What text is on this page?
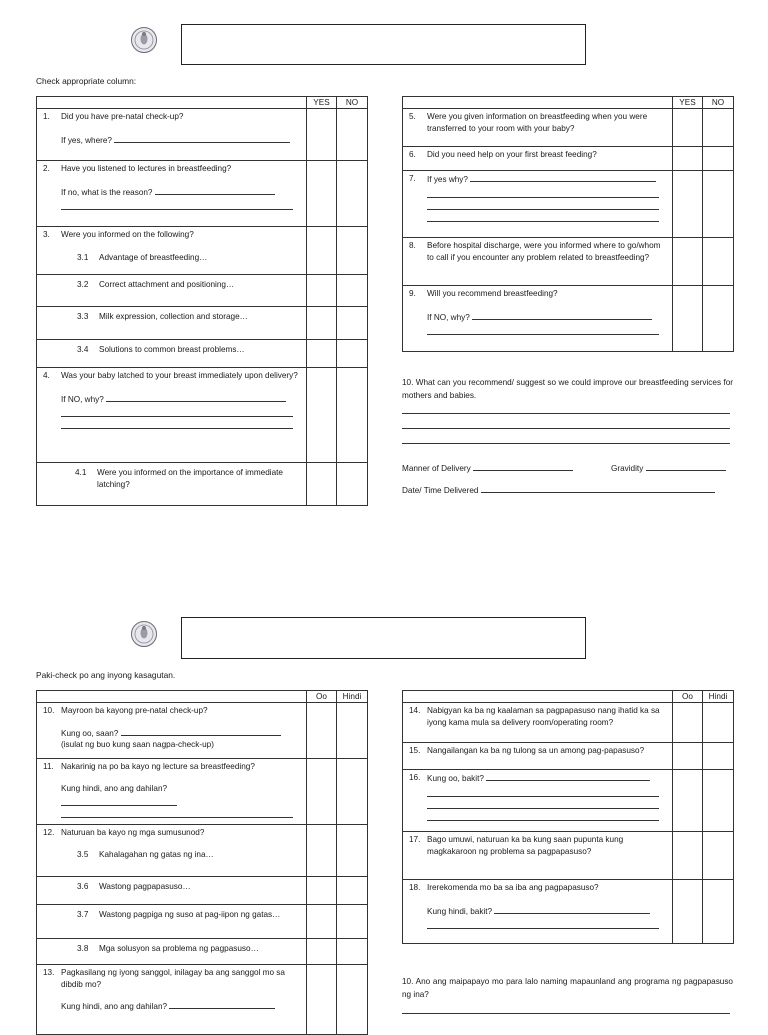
Check appropriate column:
	YES	NO

1. Did you have pre-natal check-up?
If yes, where?		

2. Have you listened to lectures in breastfeeding?
If no, what is the reason?		

3. Were you informed on the following?
3.1 Advantage of breastfeeding…		

3.2 Correct attachment and positioning…		

3.3 Milk expression, collection and storage…		

3.4 Solutions to common breast problems…		

4. Was your baby latched to your breast immediately upon delivery?
If NO, why?		

4.1 Were you informed on the importance of immediate latching?		

	YES	NO

5. Were you given information on breastfeeding when you were transferred to your room with your baby?		

6. Did you need help on your first breast feeding?		

7. If yes why?		

8. Before hospital discharge, were you informed where to go/whom to call if you encounter any problem related to breastfeeding?		

9. Will you recommend breastfeeding?
If NO, why?		

10. What can you recommend/ suggest so we could improve our breastfeeding services for mothers and babies.
Manner of Delivery	Gravidity
Date/ Time Delivered
Paki-check po ang inyong kasagutan.
	Oo	Hindi

10. Mayroon ba kayong pre-natal check-up?
Kung oo, saan?
(isulat ng buo kung saan nagpa-check-up)		

11. Nakarinig na po ba kayo ng lecture sa breastfeeding?
Kung hindi, ano ang dahilan?		

12. Naturuan ba kayo ng mga sumusunod?
3.5 Kahalagahan ng gatas ng ina…		

3.6 Wastong pagpapasuso…		

3.7 Wastong pagpiga ng suso at pag-iipon ng gatas…		

3.8 Mga solusyon sa problema ng pagpasuso…		

13. Pagkasilang ng iyong sanggol, inilagay ba ang sanggol mo sa dibdib mo?
Kung hindi, ano ang dahilan?		

	Oo	Hindi

14. Nabigyan ka ba ng kaalaman sa pagpapasuso nang ihatid ka sa iyong kama mula sa delivery room/operating room?		

15. Nangailangan ka ba ng tulong sa un among pag-papasuso?		

16. Kung oo, bakit?		

17. Bago umuwi, naturuan ka ba kung saan pupunta kung magkakaroon ng problema sa pagpapasuso?		

18. Irerekomenda mo ba sa iba ang pagpapasuso?
Kung hindi, bakit?		

10. Ano ang maipapayo mo para lalo naming mapaunland ang programa ng pagpapasuso ng ina?
